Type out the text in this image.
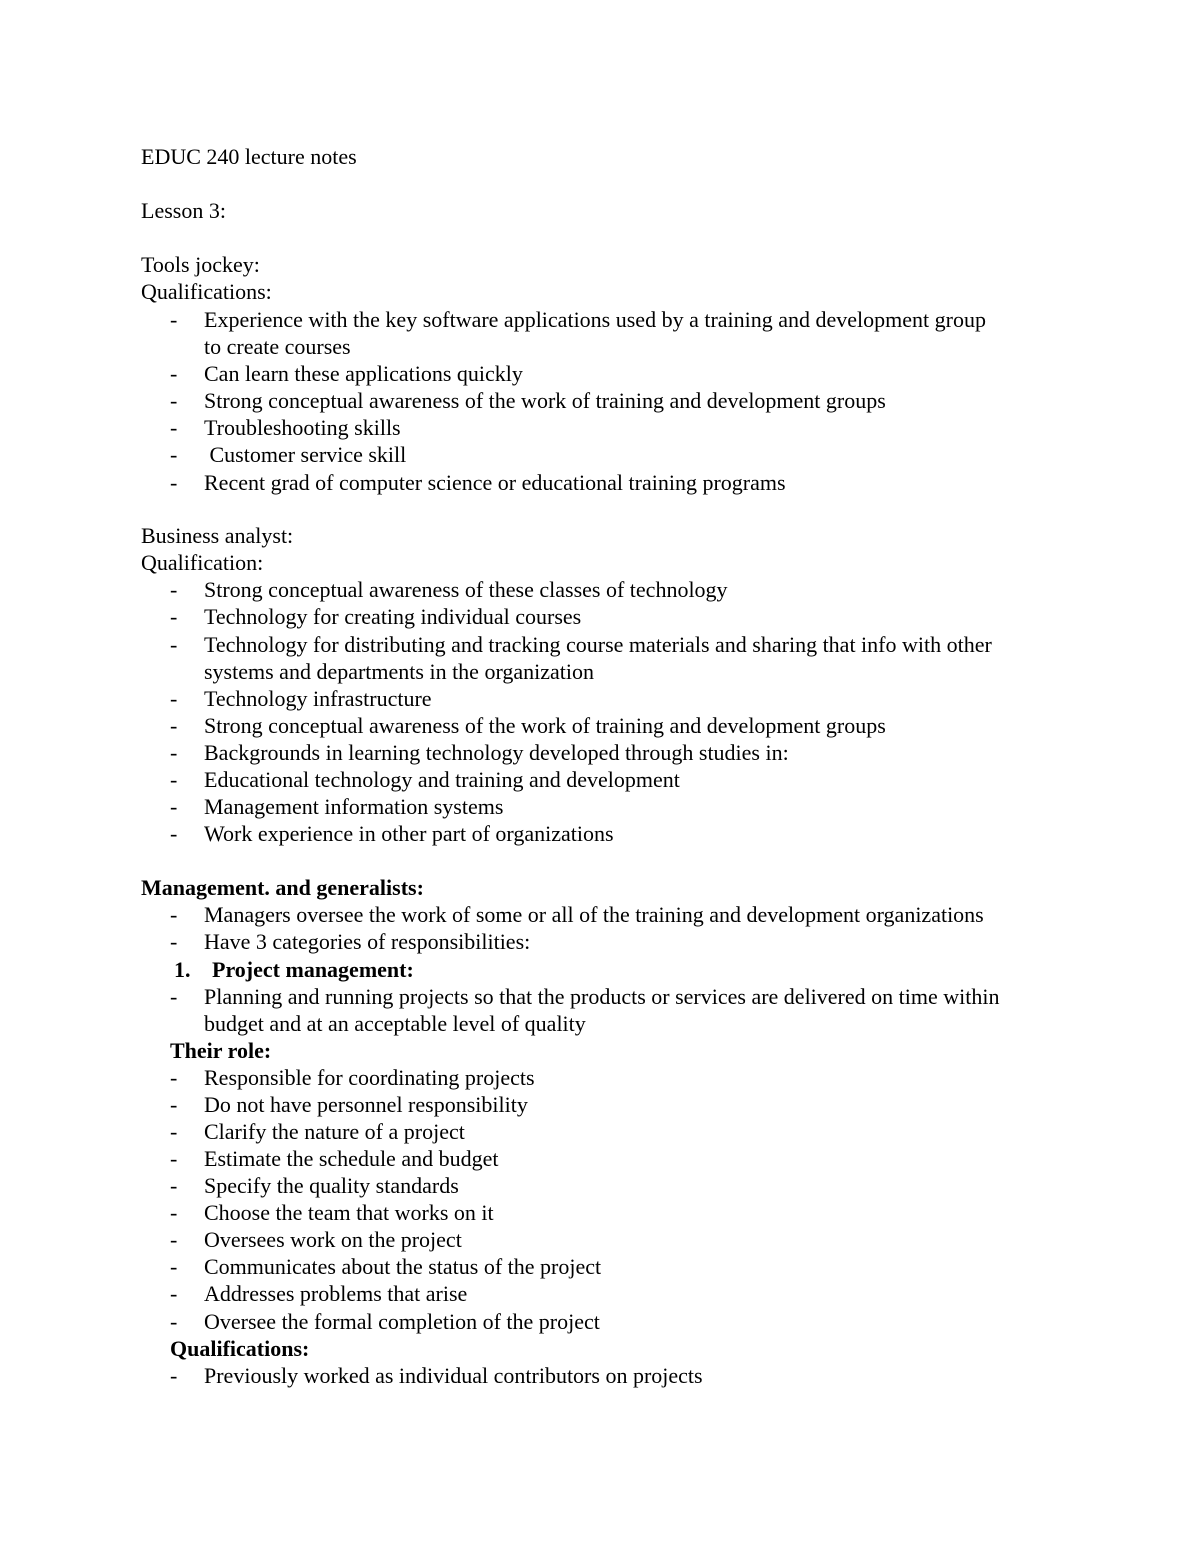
EDUC 240 lecture notes
Lesson 3:
Tools jockey:
Qualifications:
- Experience with the key software applications used by a training and development group
to create courses
- Can learn these applications quickly
- Strong conceptual awareness of the work of training and development groups
- Troubleshooting skills
- Customer service skill
- Recent grad of computer science or educational training programs
Business analyst:
Qualification:
- Strong conceptual awareness of these classes of technology
- Technology for creating individual courses
- Technology for distributing and tracking course materials and sharing that info with other
systems and departments in the organization
- Technology infrastructure
- Strong conceptual awareness of the work of training and development groups
- Backgrounds in learning technology developed through studies in:
- Educational technology and training and development
- Management information systems
- Work experience in other part of organizations
Management. and generalists:
- Managers oversee the work of some or all of the training and development organizations
- Have 3 categories of responsibilities:
1. Project management:
- Planning and running projects so that the products or services are delivered on time within
budget and at an acceptable level of quality
Their role:
- Responsible for coordinating projects
- Do not have personnel responsibility
- Clarify the nature of a project
- Estimate the schedule and budget
- Specify the quality standards
- Choose the team that works on it
- Oversees work on the project
- Communicates about the status of the project
- Addresses problems that arise
- Oversee the formal completion of the project
Qualifications:
- Previously worked as individual contributors on projects
